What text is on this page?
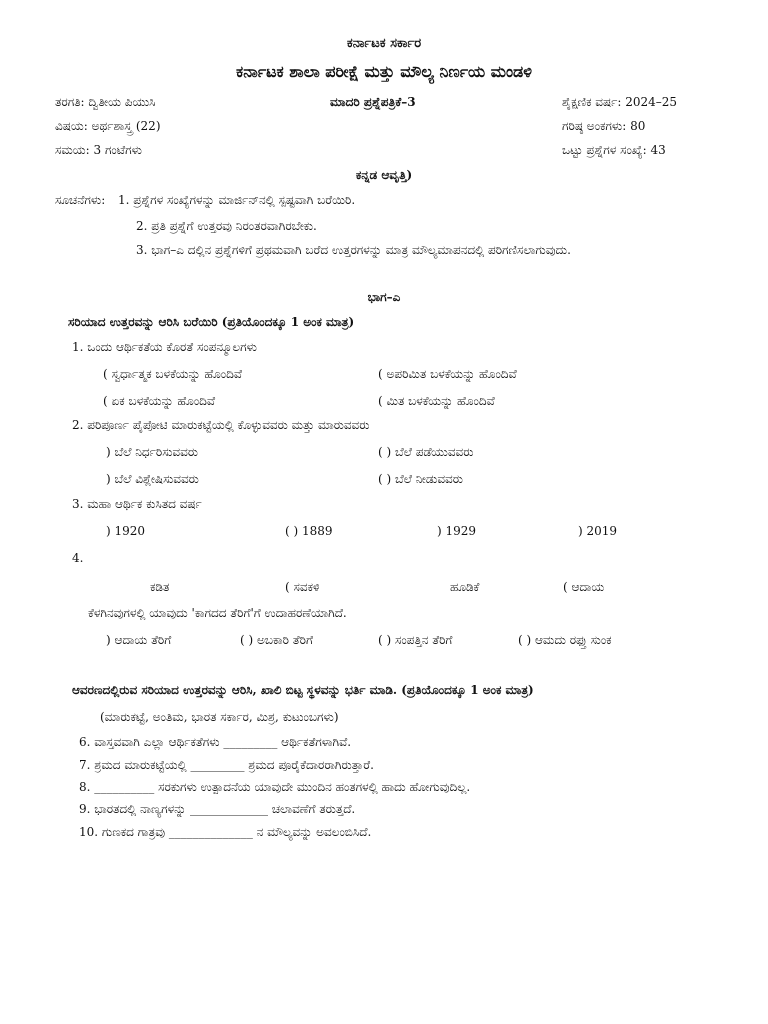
ಕರ್ನಾಟಕ ಸರ್ಕಾರ
ಕರ್ನಾಟಕ ಶಾಲಾ ಪರೀಕ್ಷೆ ಮತ್ತು ಮೌಲ್ಯ ನಿರ್ಣಯ ಮಂಡಳಿ
ತರಗತಿ: ದ್ವಿತೀಯ ಪಿಯುಸಿ	ಮಾದರಿ ಪ್ರಶ್ನೆಪತ್ರಿಕೆ–3	ಶೈಕ್ಷಣಿಕ ವರ್ಷ: 2024–25
ವಿಷಯ: ಅರ್ಥಶಾಸ್ತ್ರ (22)	ಗರಿಷ್ಠ ಅಂಕಗಳು: 80
ಸಮಯ: 3 ಗಂಟೆಗಳು	ಒಟ್ಟು ಪ್ರಶ್ನೆಗಳ ಸಂಖ್ಯೆ: 43
ಕನ್ನಡ ಆವೃತ್ತಿ)
ಸೂಚನೆಗಳು: 1. ಪ್ರಶ್ನೆಗಳ ಸಂಖ್ಯೆಗಳನ್ನು ಮಾರ್ಜಿನ್‌ನಲ್ಲಿ ಸ್ಪಷ್ಟವಾಗಿ ಬರೆಯಿರಿ.
2. ಪ್ರತಿ ಪ್ರಶ್ನೆಗೆ ಉತ್ತರವು ನಿರಂತರವಾಗಿರಬೇಕು.
3. ಭಾಗ–ಎ ದಲ್ಲಿನ ಪ್ರಶ್ನೆಗಳಿಗೆ ಪ್ರಥಮವಾಗಿ ಬರೆದ ಉತ್ತರಗಳನ್ನು ಮಾತ್ರ ಮೌಲ್ಯಮಾಪನದಲ್ಲಿ ಪರಿಗಣಿಸಲಾಗುವುದು.
ಭಾಗ–ಎ
ಸರಿಯಾದ ಉತ್ತರವನ್ನು ಆರಿಸಿ ಬರೆಯಿರಿ (ಪ್ರತಿಯೊಂದಕ್ಕೂ 1 ಅಂಕ ಮಾತ್ರ)
1. ಒಂದು ಆರ್ಥಿಕತೆಯ ಕೊರತೆ ಸಂಪನ್ಮೂಲಗಳು
( ಸ್ವರ್ಧಾತ್ಮಕ ಬಳಕೆಯನ್ನು ಹೊಂದಿವೆ	( ಅಪರಿಮಿತ ಬಳಕೆಯನ್ನು ಹೊಂದಿವೆ
( ಏಕ ಬಳಕೆಯನ್ನು ಹೊಂದಿವೆ	( ಮಿತ ಬಳಕೆಯನ್ನು ಹೊಂದಿವೆ
2. ಪರಿಪೂರ್ಣ ಪೈಪೋಟಿ ಮಾರುಕಟ್ಟೆಯಲ್ಲಿ ಕೊಳ್ಳುವವರು ಮತ್ತು ಮಾರುವವರು
) ಬೆಲೆ ನಿರ್ಧರಿಸುವವರು	( ) ಬೆಲೆ ಪಡೆಯುವವರು
) ಬೆಲೆ ವಿಶ್ಲೇಷಿಸುವವರು	( ) ಬೆಲೆ ನೀಡುವವರು
3. ಮಹಾ ಆರ್ಥಿಕ ಕುಸಿತದ ವರ್ಷ
) 1920	( ) 1889	) 1929	) 2019
4.
ಕಡಿತ	( ಸವಕಳಿ	ಹೂಡಿಕೆ	( ಆದಾಯ
ಕೆಳಗಿನವುಗಳಲ್ಲಿ ಯಾವುದು 'ಕಾಗದದ ತೆರಿಗೆ'ಗೆ ಉದಾಹರಣೆಯಾಗಿದೆ.
) ಆದಾಯ ತೆರಿಗೆ	( ) ಅಬಕಾರಿ ತೆರಿಗೆ	( ) ಸಂಪತ್ತಿನ ತೆರಿಗೆ	( ) ಆಮದು ರಫ್ತು ಸುಂಕ
ಆವರಣದಲ್ಲಿರುವ ಸರಿಯಾದ ಉತ್ತರವನ್ನು ಆರಿಸಿ, ಖಾಲಿ ಬಿಟ್ಟ ಸ್ಥಳವನ್ನು ಭರ್ತಿ ಮಾಡಿ. (ಪ್ರತಿಯೊಂದಕ್ಕೂ 1 ಅಂಕ ಮಾತ್ರ)
(ಮಾರುಕಟ್ಟೆ, ಅಂತಿಮ, ಭಾರತ ಸರ್ಕಾರ, ಮಿಶ್ರ, ಕುಟುಂಬಗಳು)
6. ವಾಸ್ತವವಾಗಿ ಎಲ್ಲಾ ಆರ್ಥಿಕತೆಗಳು _________ ಆರ್ಥಿಕತೆಗಳಾಗಿವೆ.
7. ಶ್ರಮದ ಮಾರುಕಟ್ಟೆಯಲ್ಲಿ _________ ಶ್ರಮದ ಪೂರೈಕೆದಾರರಾಗಿರುತ್ತಾರೆ.
8. __________ ಸರಕುಗಳು ಉತ್ಪಾದನೆಯ ಯಾವುದೇ ಮುಂದಿನ ಹಂತಗಳಲ್ಲಿ ಹಾದು ಹೋಗುವುದಿಲ್ಲ.
9. ಭಾರತದಲ್ಲಿ ನಾಣ್ಯಗಳನ್ನು _____________ ಚಲಾವಣೆಗೆ ತರುತ್ತದೆ.
10. ಗುಣಕದ ಗಾತ್ರವು ______________ ನ ಮೌಲ್ಯವನ್ನು ಅವಲಂಬಿಸಿದೆ.
